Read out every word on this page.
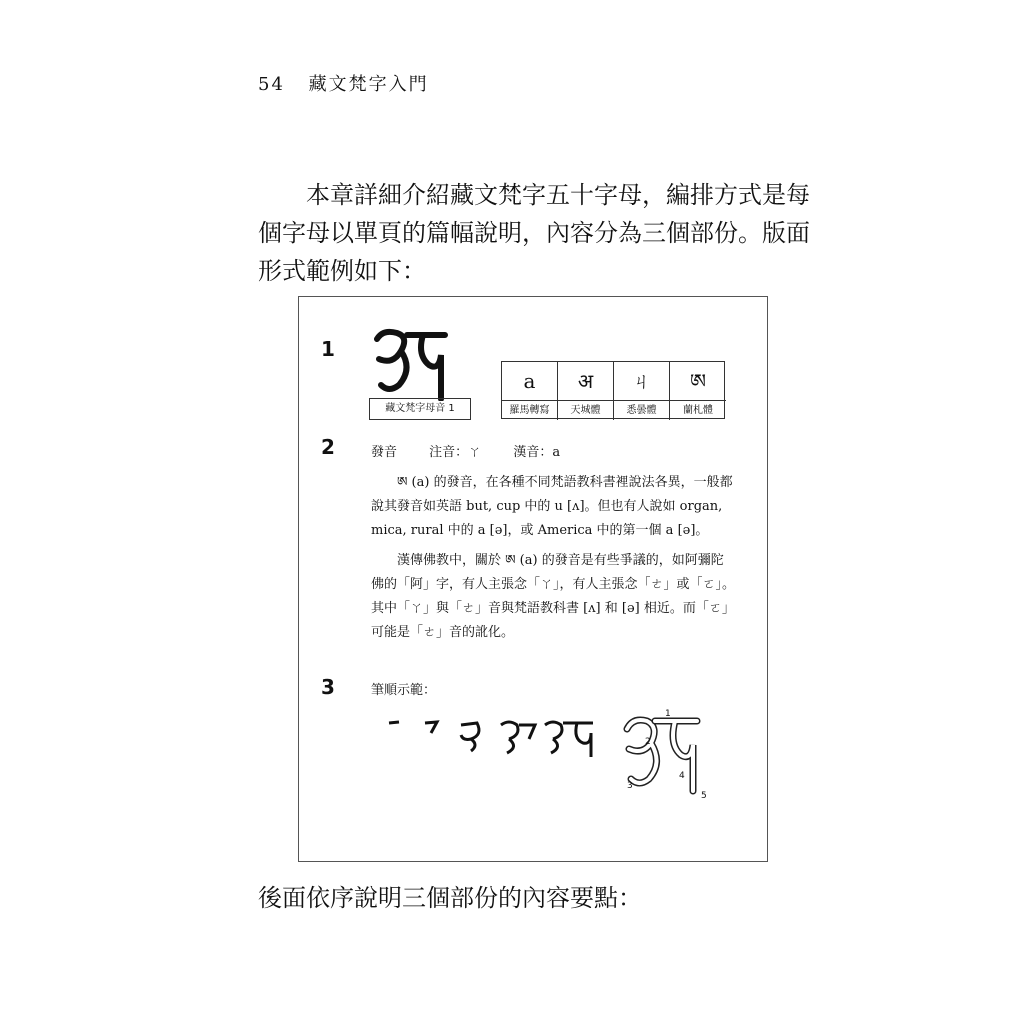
54 藏文梵字入門

本章詳細介紹藏文梵字五十字母，編排方式是每個字母以單頁的篇幅說明，內容分為三個部份。版面形式範例如下：

1
藏文梵字母音 1
a
羅馬轉寫
अ
天城體
ㄐ
悉曇體
ཨ
蘭札體
2	發音 注音：ㄚ 漢音：a

ཨ (a) 的發音，在各種不同梵語教科書裡說法各異，一般都說其發音如英語 but, cup 中的 u [ʌ]。但也有人說如 organ, mica, rural 中的 a [ə]，或 America 中的第一個 a [ə]。

漢傳佛教中，關於 ཨ (a) 的發音是有些爭議的，如阿彌陀佛的「阿」字，有人主張念「ㄚ」，有人主張念「ㄜ」或「ㄛ」。其中「ㄚ」與「ㄜ」音與梵語教科書 [ʌ] 和 [ə] 相近。而「ㄛ」可能是「ㄜ」音的訛化。

3	筆順示範：
1
2
3
4
5
後面依序說明三個部份的內容要點：
